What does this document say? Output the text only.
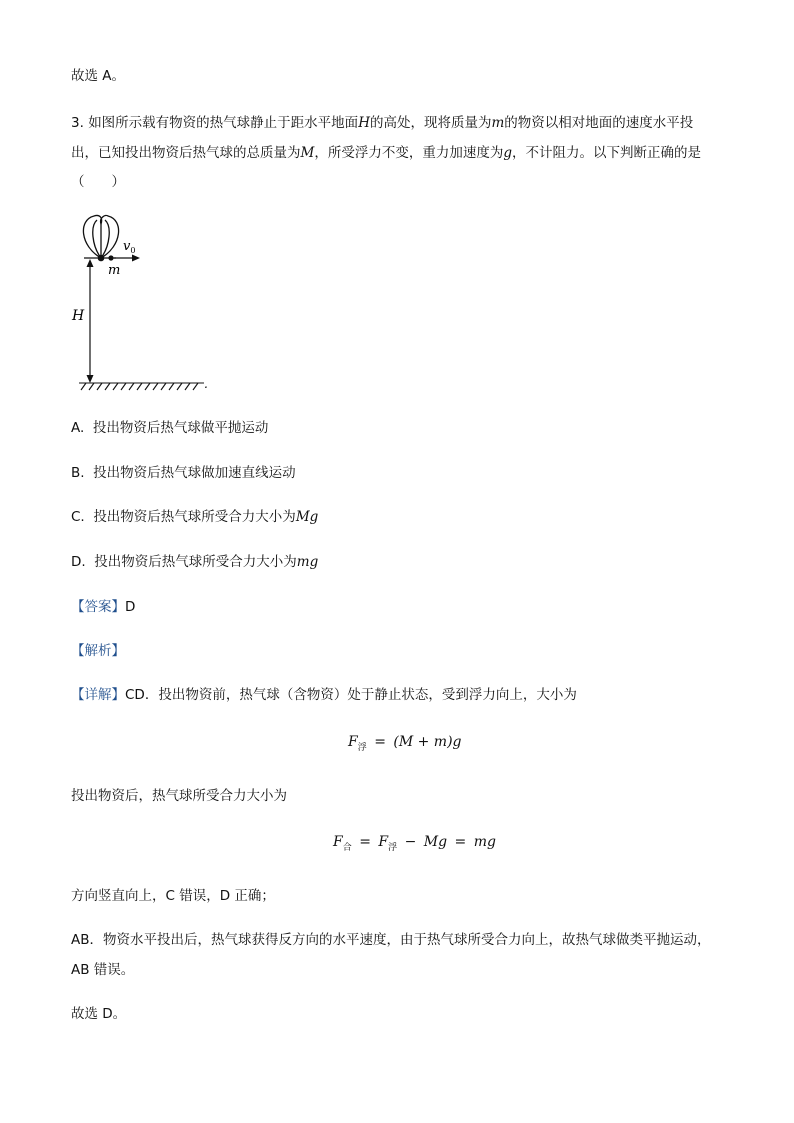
故选 A。
3. 如图所示载有物资的热气球静止于距水平地面H的高处，现将质量为m的物资以相对地面的速度水平投
出，已知投出物资后热气球的总质量为M，所受浮力不变，重力加速度为g，不计阻力。以下判断正确的是
（　　）
$v_0$
m
H
.
A. 投出物资后热气球做平抛运动
B. 投出物资后热气球做加速直线运动
C. 投出物资后热气球所受合力大小为Mg
D. 投出物资后热气球所受合力大小为mg
【答案】D
【解析】
【详解】CD．投出物资前，热气球（含物资）处于静止状态，受到浮力向上，大小为
$F_浮 = (M + m)g$
投出物资后，热气球所受合力大小为
$F_合 = F_浮 - Mg$ = mg
方向竖直向上，C 错误，D 正确；
AB．物资水平投出后，热气球获得反方向的水平速度，由于热气球所受合力向上，故热气球做类平抛运动，
AB 错误。
故选 D。
